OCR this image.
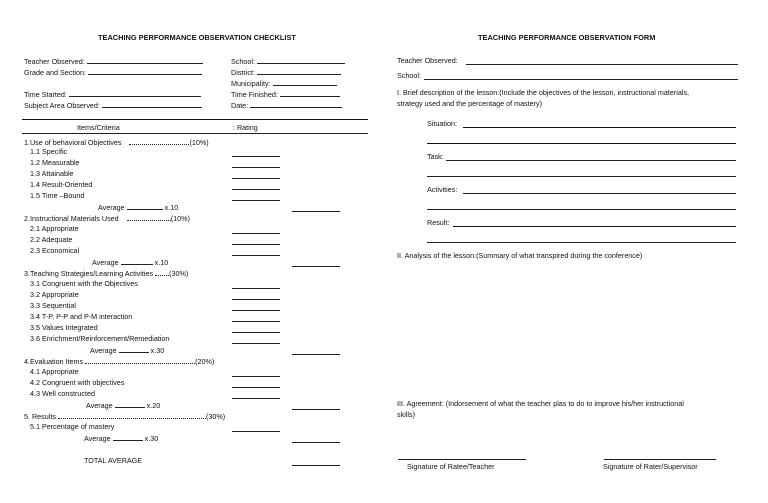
TEACHING PERFORMANCE OBSERVATION CHECKLIST
Teacher Observed:
Grade and Section:
Time Started:
Subject Area Observed:
School:
District:
Municipality:
Time Finished:
Date:
Items/Criteria	: Rating
1.Use of behavioral Objectives	(10%)
1.1 Specific
1.2 Measurable
1.3 Attainable
1.4 Result-Oriented
1.5 Time –Bound
Average	x.10
2.Instructional Materials Used	(10%)
2.1 Appropriate
2.2 Adequate
2.3 Economical
Average	x.10
3.Teaching Strategies/Learning Activities (30%)
3.1 Congruent with the Objectives
3.2 Appropriate
3.3 Sequential
3.4 T-P, P-P and P-M interaction
3.5 Values Integrated
3.6 Enrichment/Reinforcement/Remediation
Average	x.30
4.Evaluation Items	(20%)
4.1 Appropriate
4.2 Congruent with objectives
4.3 Well constructed
Average	x.20
5. Results	(30%)
5.1 Percentage of mastery
Average	x.30
TOTAL AVERAGE
TEACHING PERFORMANCE OBSERVATION FORM
Teacher Observed:
School:
I. Brief description of the lesson:(Include the objectives of the lesson, instructional materials,
strategy used and the percentage of mastery)
Situation:
Task:
Activities:
Result:
II. Analysis of the lesson:(Summary of what transpired during the conference)
III. Agreement: (Indorsement of what the teacher plas to do to improve his/her instructional
skills)
Signature of Ratee/Teacher	Signature of Rater/Supervisor
